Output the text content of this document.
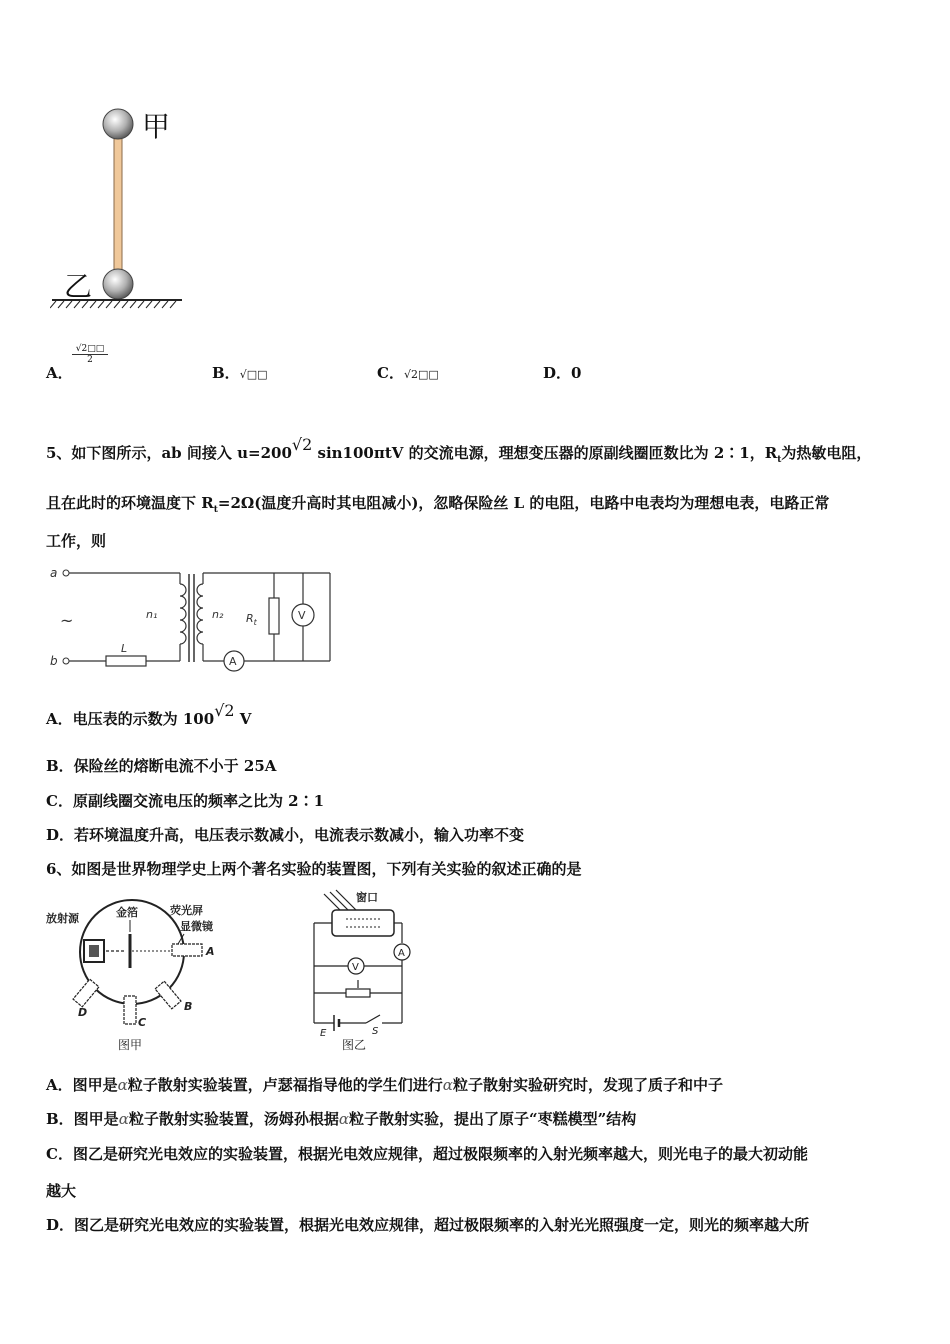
甲
乙
A．
$\frac{√2□□}{2}$
B．√□□	C．√2□□	D．0
5、如下图所示，ab 间接入 u=200√2 sin100πtV 的交流电源，理想变压器的原副线圈匝数比为 2∶1，$R_t$为热敏电阻，
且在此时的环境温度下 $R_t=2\Omega$(温度升高时其电阻减小)，忽略保险丝 L 的电阻，电路中电表均为理想电表，电路正常
工作，则
a
b
L
~	n₁	n₂
A
$R_t$
V
A．电压表的示数为 100√2 V
B．保险丝的熔断电流不小于 25A
C．原副线圈交流电压的频率之比为 2∶1
D．若环境温度升高，电压表示数减小，电流表示数减小，输入功率不变
6、如图是世界物理学史上两个著名实验的装置图，下列有关实验的叙述正确的是
放射源	金箔	荧光屏
显微镜
A
B
C
D
图甲
窗口
A
V
E	S
图乙
A．图甲是α粒子散射实验装置，卢瑟福指导他的学生们进行α粒子散射实验研究时，发现了质子和中子
B．图甲是α粒子散射实验装置，汤姆孙根据α粒子散射实验，提出了原子“枣糕模型”结构
C．图乙是研究光电效应的实验装置，根据光电效应规律，超过极限频率的入射光频率越大，则光电子的最大初动能
越大
D．图乙是研究光电效应的实验装置，根据光电效应规律，超过极限频率的入射光光照强度一定，则光的频率越大所
